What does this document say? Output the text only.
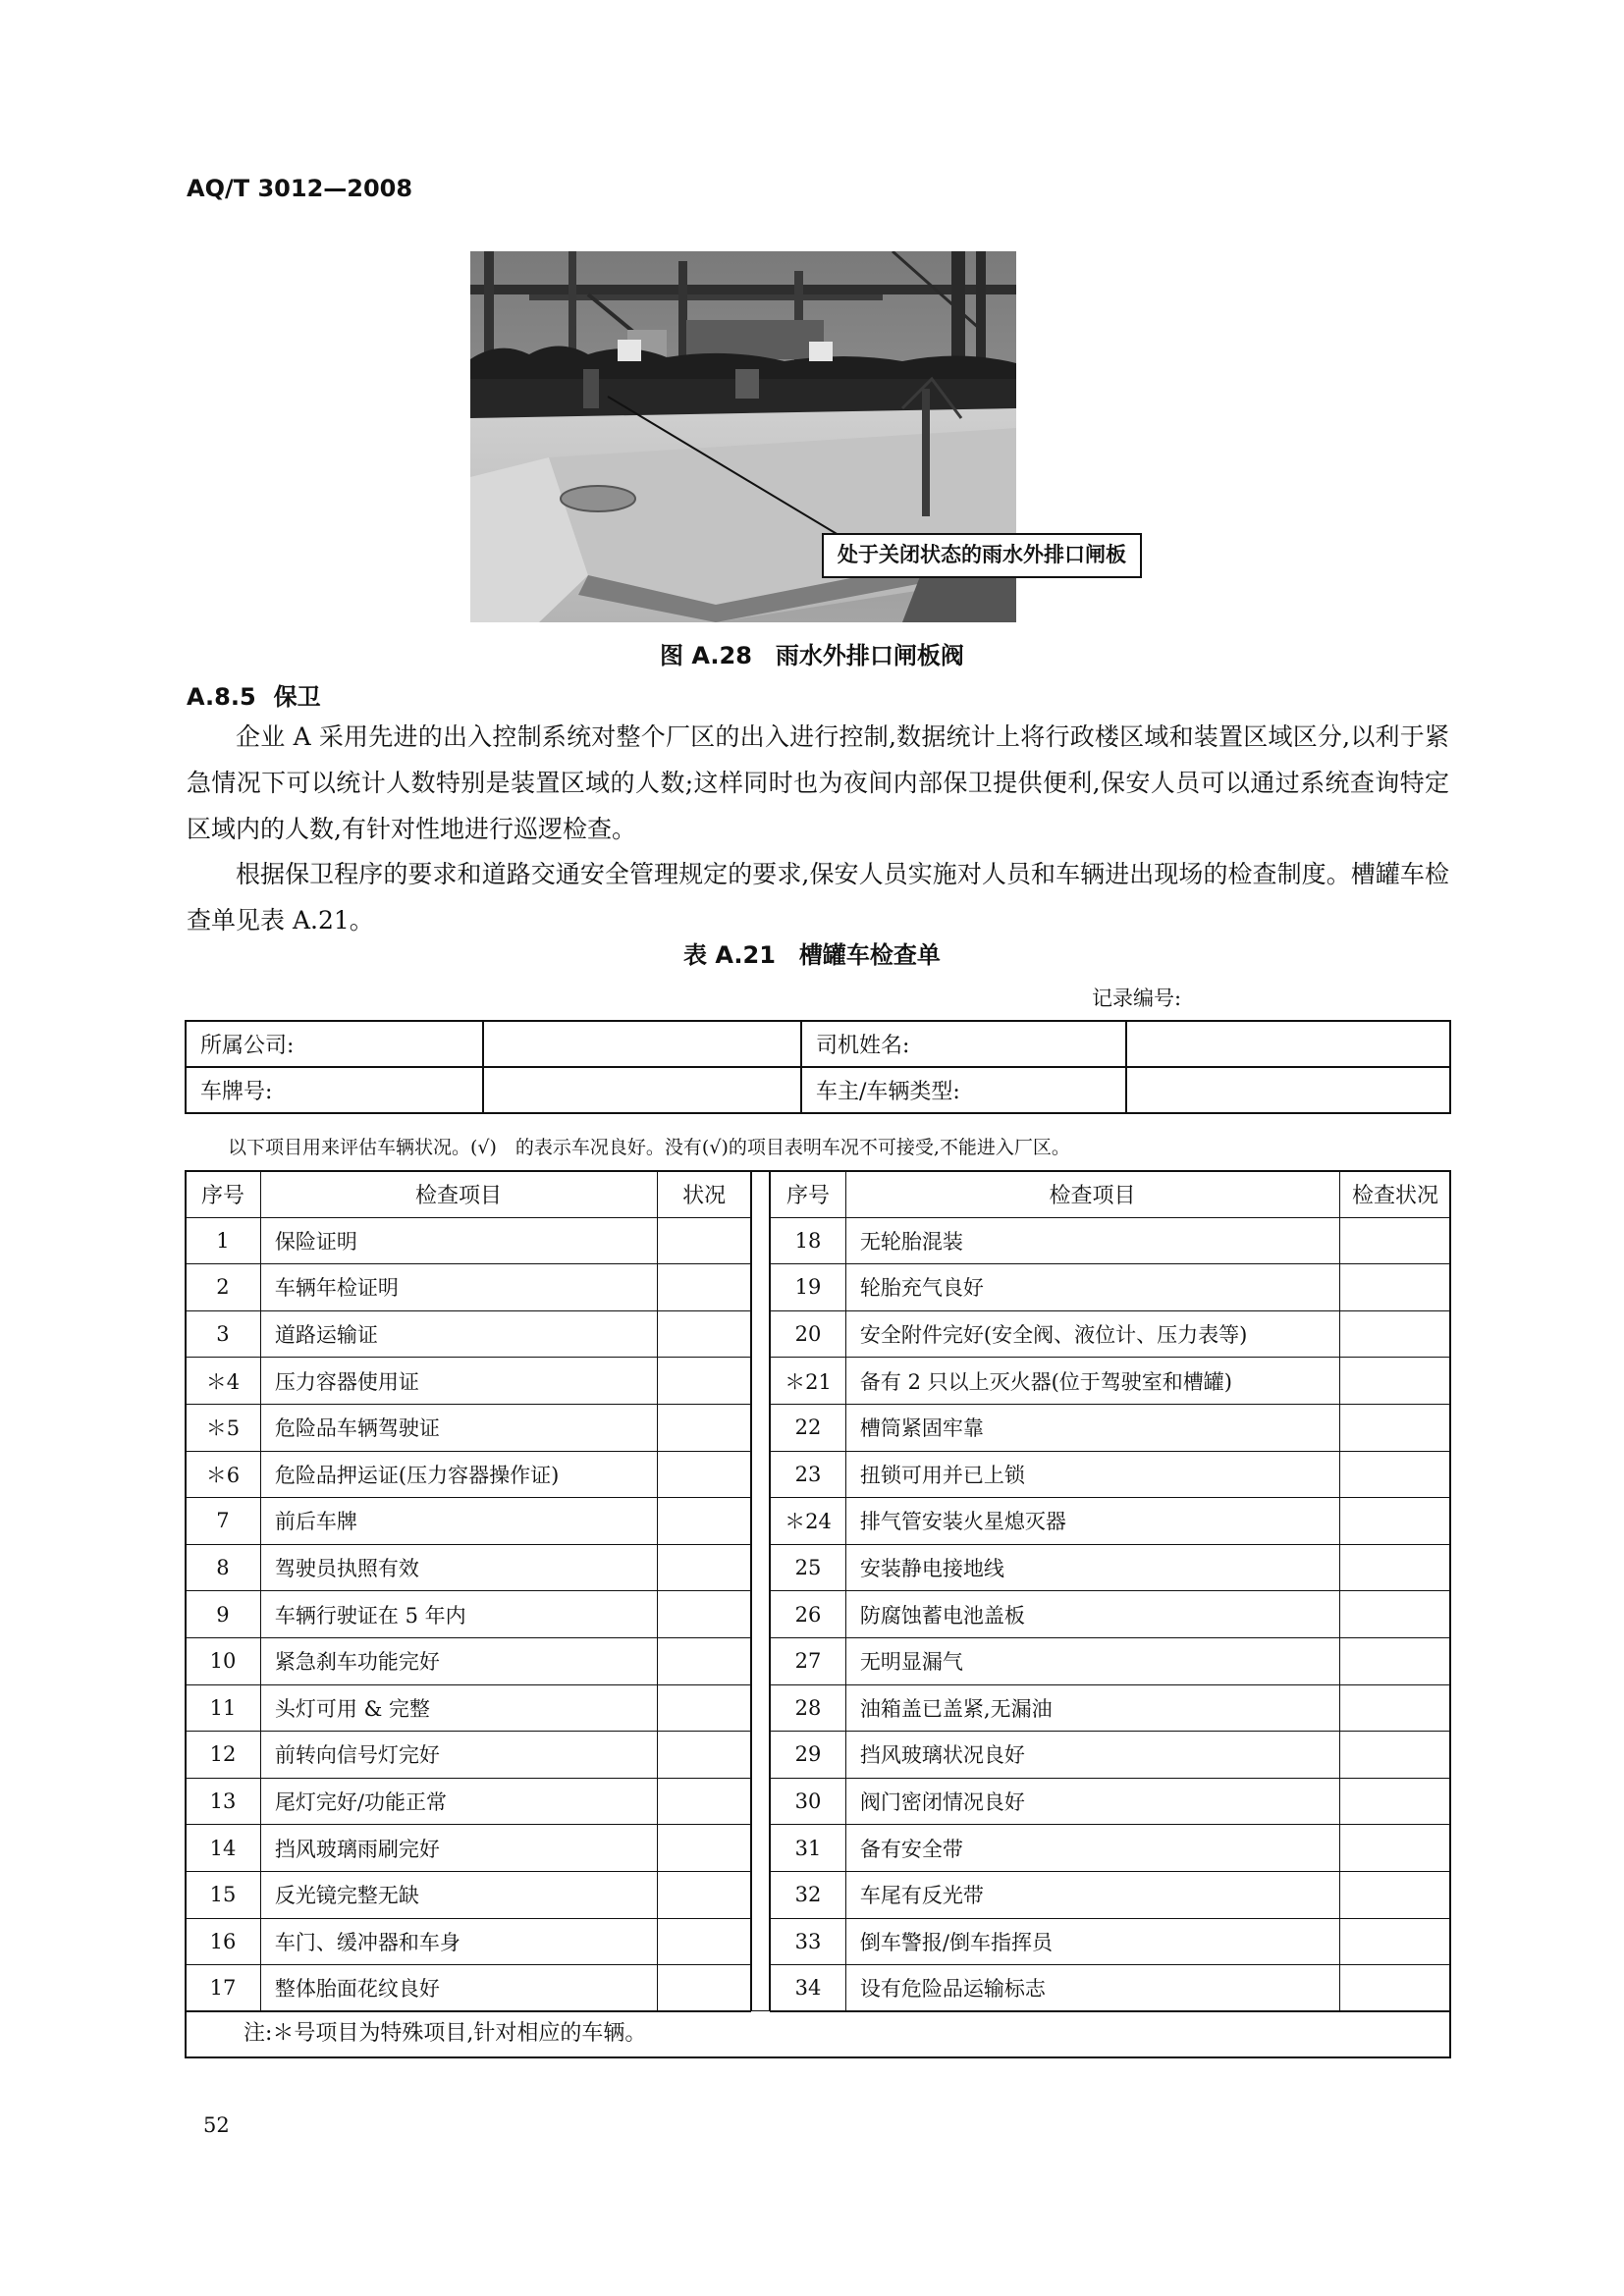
AQ/T 3012—2008
处于关闭状态的雨水外排口闸板
图 A.28　雨水外排口闸板阀
A.8.5 保卫
企业 A 采用先进的出入控制系统对整个厂区的出入进行控制,数据统计上将行政楼区域和装置区域区分,以利于紧急情况下可以统计人数特别是装置区域的人数;这样同时也为夜间内部保卫提供便利,保安人员可以通过系统查询特定区域内的人数,有针对性地进行巡逻检查。
根据保卫程序的要求和道路交通安全管理规定的要求,保安人员实施对人员和车辆进出现场的检查制度。槽罐车检查单见表 A.21。
表 A.21　槽罐车检查单
记录编号:
所属公司:		司机姓名:	
车牌号:		车主/车辆类型:	
以下项目用来评估车辆状况。(√)　的表示车况良好。没有(√)的项目表明车况不可接受,不能进入厂区。
序号	检查项目	状况
1	保险证明	
2	车辆年检证明	
3	道路运输证	
＊4	压力容器使用证	
＊5	危险品车辆驾驶证	
＊6	危险品押运证(压力容器操作证)	
7	前后车牌	
8	驾驶员执照有效	
9	车辆行驶证在 5 年内	
10	紧急刹车功能完好	
11	头灯可用 & 完整	
12	前转向信号灯完好	
13	尾灯完好/功能正常	
14	挡风玻璃雨刷完好	
15	反光镜完整无缺	
16	车门、缓冲器和车身	
17	整体胎面花纹良好	
序号	检查项目	检查状况
18	无轮胎混装	
19	轮胎充气良好	
20	安全附件完好(安全阀、液位计、压力表等)	
＊21	备有 2 只以上灭火器(位于驾驶室和槽罐)	
22	槽筒紧固牢靠	
23	扭锁可用并已上锁	
＊24	排气管安装火星熄灭器	
25	安装静电接地线	
26	防腐蚀蓄电池盖板	
27	无明显漏气	
28	油箱盖已盖紧,无漏油	
29	挡风玻璃状况良好	
30	阀门密闭情况良好	
31	备有安全带	
32	车尾有反光带	
33	倒车警报/倒车指挥员	
34	设有危险品运输标志	
注:＊号项目为特殊项目,针对相应的车辆。
52
